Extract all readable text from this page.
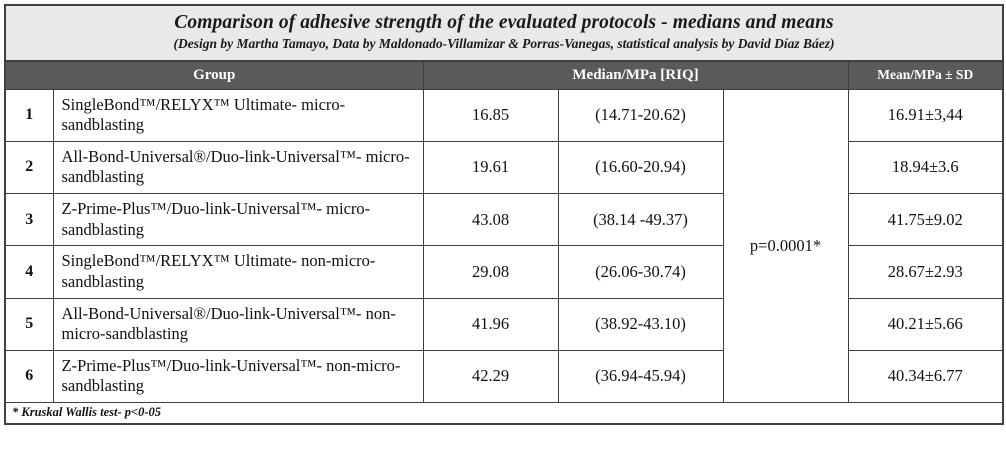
Comparison of adhesive strength of the evaluated protocols - medians and means
(Design by Martha Tamayo, Data by Maldonado-Villamizar & Porras-Vanegas, statistical analysis by David Díaz Báez)					

Group		Median/MPa [RIQ]			Mean/MPa ± SD
1	SingleBond™/RELYX™ Ultimate- micro-sandblasting	16.85	(14.71-20.62)	p=0.0001*	16.91±3,44
2	All-Bond-Universal®/Duo-link-Universal™- micro-sandblasting	19.61	(16.60-20.94)		18.94±3.6
3	Z-Prime-Plus™/Duo-link-Universal™- micro-sandblasting	43.08	(38.14 -49.37)		41.75±9.02
4	SingleBond™/RELYX™ Ultimate- non-micro-sandblasting	29.08	(26.06-30.74)		28.67±2.93
5	All-Bond-Universal®/Duo-link-Universal™- non-micro-sandblasting	41.96	(38.92-43.10)		40.21±5.66
6	Z-Prime-Plus™/Duo-link-Universal™- non-micro-sandblasting	42.29	(36.94-45.94)		40.34±6.77
* Kruskal Wallis test- p<0-05					
